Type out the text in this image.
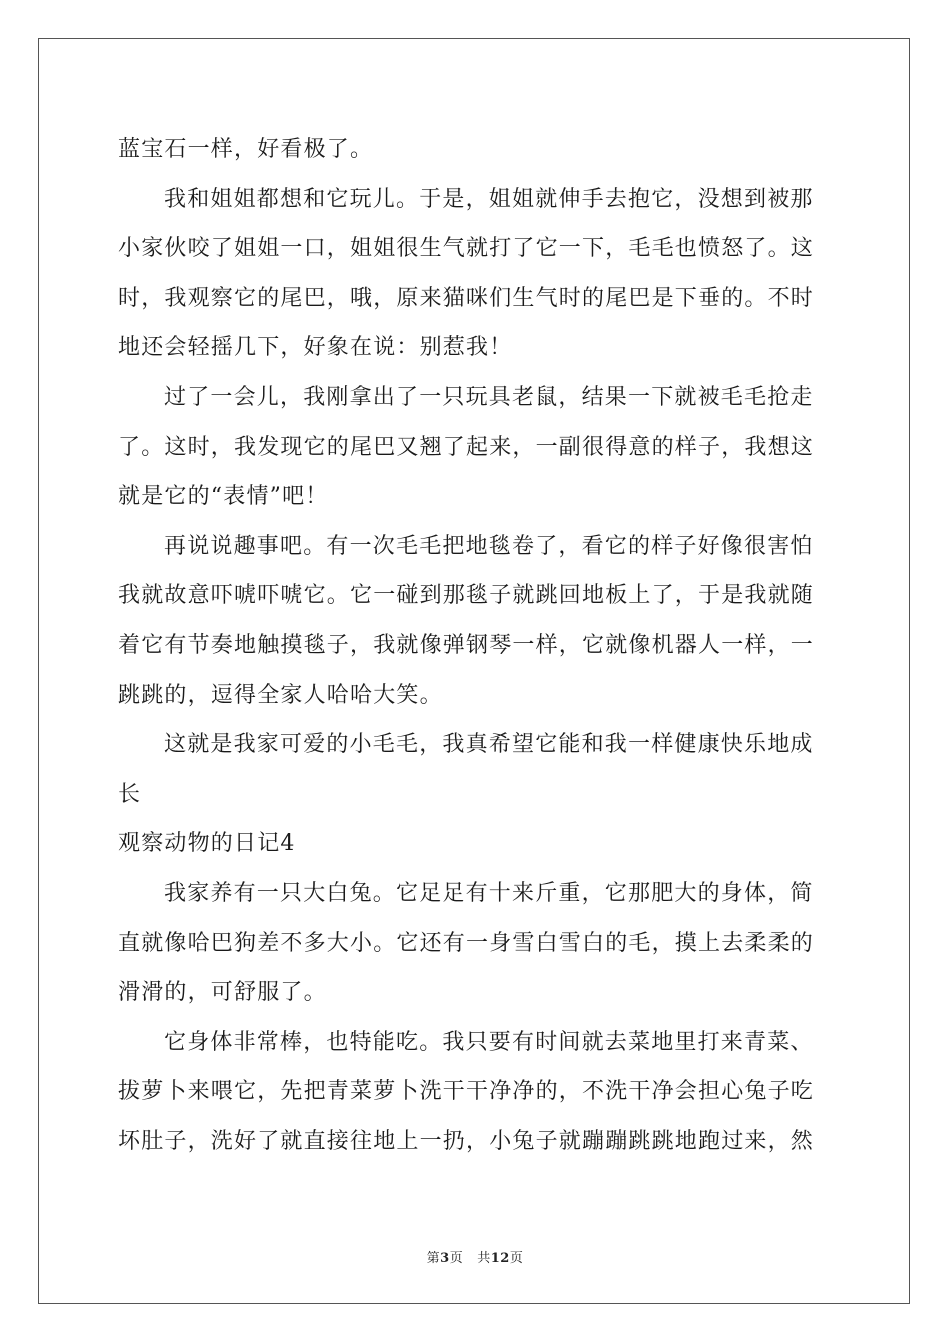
蓝宝石一样，好看极了。
我和姐姐都想和它玩儿。于是，姐姐就伸手去抱它，没想到被那
小家伙咬了姐姐一口，姐姐很生气就打了它一下，毛毛也愤怒了。这
时，我观察它的尾巴，哦，原来猫咪们生气时的尾巴是下垂的。不时
地还会轻摇几下，好象在说：别惹我！
过了一会儿，我刚拿出了一只玩具老鼠，结果一下就被毛毛抢走
了。这时，我发现它的尾巴又翘了起来，一副很得意的样子，我想这
就是它的“表情”吧！
再说说趣事吧。有一次毛毛把地毯卷了，看它的样子好像很害怕
我就故意吓唬吓唬它。它一碰到那毯子就跳回地板上了，于是我就随
着它有节奏地触摸毯子，我就像弹钢琴一样，它就像机器人一样，一
跳跳的，逗得全家人哈哈大笑。
这就是我家可爱的小毛毛，我真希望它能和我一样健康快乐地成
长
观察动物的日记4
我家养有一只大白兔。它足足有十来斤重，它那肥大的身体，简
直就像哈巴狗差不多大小。它还有一身雪白雪白的毛，摸上去柔柔的
滑滑的，可舒服了。
它身体非常棒，也特能吃。我只要有时间就去菜地里打来青菜、
拔萝卜来喂它，先把青菜萝卜洗干干净净的，不洗干净会担心兔子吃
坏肚子，洗好了就直接往地上一扔，小兔子就蹦蹦跳跳地跑过来，然
第3页 共12页
